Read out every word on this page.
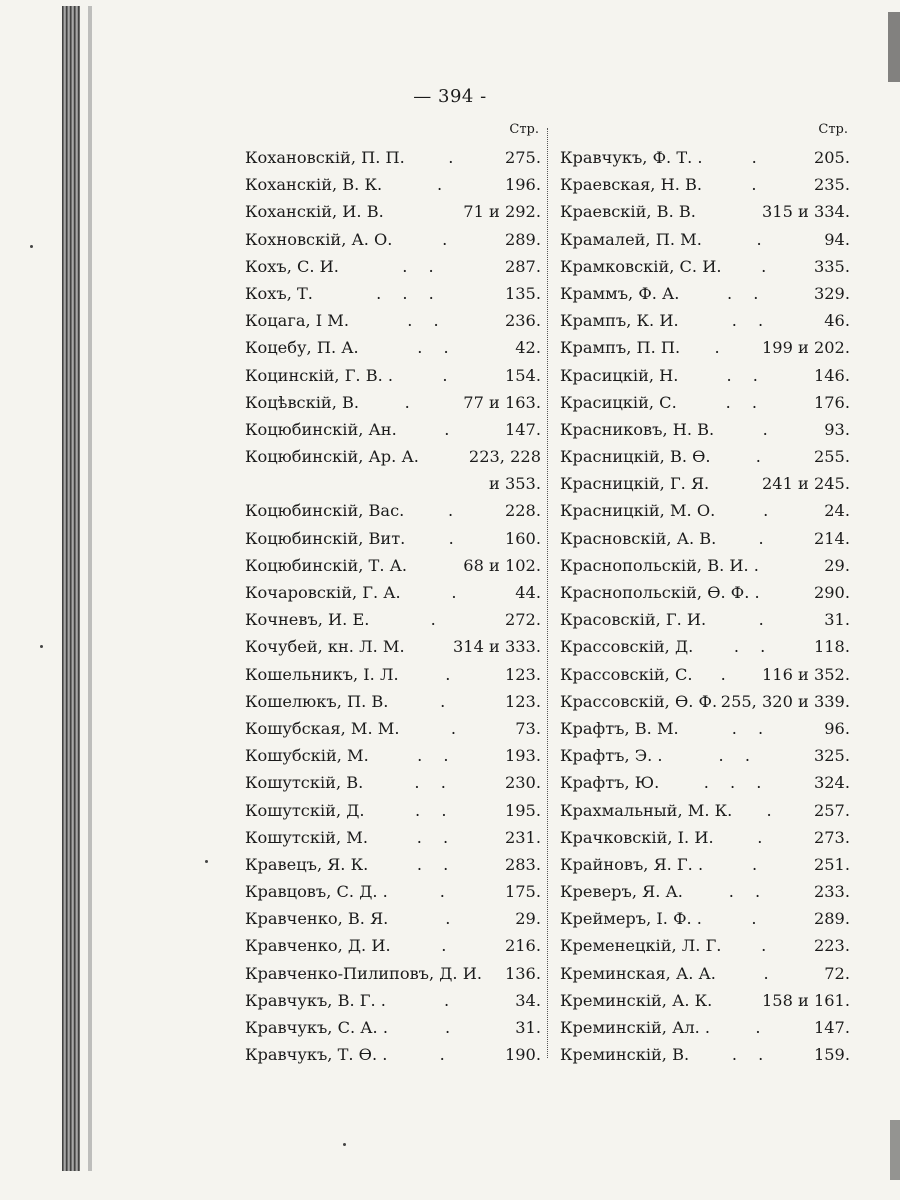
— 394 -
Стр.
Кохановскій, П. П.	.	275.
Коханскій, В. К.	.	196.
Коханскій, И. В.	71 и 292.
Кохновскій, А. О.	.	289.
Кохъ, С. И.	. .	287.
Кохъ, Т.	. . .	135.
Коцага, І М.	. .	236.
Коцебу, П. А.	. .	42.
Коцинскій, Г. В. .	.	154.
Коцѣвскій, В.	.	77 и 163.
Коцюбинскій, Ан.	.	147.
Коцюбинскій, Ар. А.	223, 228
и 353.
Коцюбинскій, Вас.	.	228.
Коцюбинскій, Вит.	.	160.
Коцюбинскій, Т. А.	68 и 102.
Кочаровскій, Г. А.	.	44.
Кочневъ, И. Е.	.	272.
Кочубей, кн. Л. М.	314 и 333.
Кошельникъ, І. Л.	.	123.
Кошелюкъ, П. В.	.	123.
Кошубская, М. М.	.	73.
Кошубскій, М.	. .	193.
Кошутскій, В.	. .	230.
Кошутскій, Д.	. .	195.
Кошутскій, М.	. .	231.
Кравецъ, Я. К.	. .	283.
Кравцовъ, С. Д. .	.	175.
Кравченко, В. Я.	.	29.
Кравченко, Д. И.	.	216.
Кравченко-Пилиповъ, Д. И. 136.
Кравчукъ, В. Г. .	.	34.
Кравчукъ, С. А. .	.	31.
Кравчукъ, Т. Ѳ. .	.	190.
Стр.
Кравчукъ, Ф. Т. .	.	205.
Краевская, Н. В.	.	235.
Краевскій, В. В.	315 и 334.
Крамалей, П. М.	.	94.
Крамковскій, С. И.	.	335.
Краммъ, Ф. А.	. .	329.
Крампъ, К. И.	. .	46.
Крампъ, П. П.	.	199 и 202.
Красицкій, Н.	. .	146.
Красицкій, С.	. .	176.
Красниковъ, Н. В.	.	93.
Красницкій, В. Ѳ.	.	255.
Красницкій, Г. Я.	241 и 245.
Красницкій, М. О.	.	24.
Красновскій, А. В.	.	214.
Краснопольскій, В. И. .	29.
Краснопольскій, Ѳ. Ф. .	290.
Красовскій, Г. И.	.	31.
Крассовскій, Д.	. .	118.
Крассовскій, С.	.	116 и 352.
Крассовскій, Ѳ. Ф. 255, 320 и 339.
Крафтъ, В. М.	. .	96.
Крафтъ, Э. .	. .	325.
Крафтъ, Ю.	. . .	324.
Крахмальный, М. К.	.	257.
Крачковскій, І. И.	.	273.
Крайновъ, Я. Г. .	.	251.
Креверъ, Я. А.	. .	233.
Креймеръ, І. Ф. .	.	289.
Кременецкій, Л. Г.	.	223.
Креминская, А. А.	.	72.
Креминскій, А. К.	158 и 161.
Креминскій, Ал. .	.	147.
Креминскій, В.	. .	159.
